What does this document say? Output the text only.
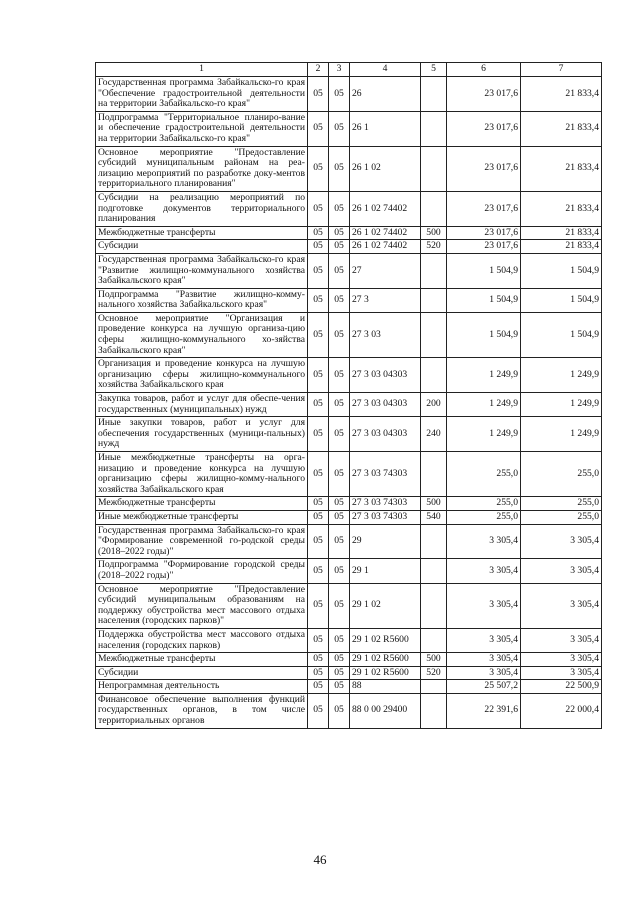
1	2	3	4	5	6	7
Государственная программа Забайкальско-го края "Обеспечение градостроительной деятельности на территории Забайкальско-го края"	05	05	26		23 017,6	21 833,4
Подпрограмма "Территориальное планиро-вание и обеспечение градостроительной деятельности на территории Забайкальско-го края"	05	05	26 1		23 017,6	21 833,4
Основное мероприятие "Предоставление субсидий муниципальным районам на реа-лизацию мероприятий по разработке доку-ментов территориального планирования"	05	05	26 1 02		23 017,6	21 833,4
Субсидии на реализацию мероприятий по подготовке документов территориального планирования	05	05	26 1 02 74402		23 017,6	21 833,4
Межбюджетные трансферты	05	05	26 1 02 74402	500	23 017,6	21 833,4
Субсидии	05	05	26 1 02 74402	520	23 017,6	21 833,4
Государственная программа Забайкальско-го края "Развитие жилищно-коммунального хозяйства Забайкальского края"	05	05	27		1 504,9	1 504,9
Подпрограмма "Развитие жилищно-комму-нального хозяйства Забайкальского края"	05	05	27 3		1 504,9	1 504,9
Основное мероприятие "Организация и проведение конкурса на лучшую организа-цию сферы жилищно-коммунального хо-зяйства Забайкальского края"	05	05	27 3 03		1 504,9	1 504,9
Организация и проведение конкурса на лучшую организацию сферы жилищно-коммунального хозяйства Забайкальского края	05	05	27 3 03 04303		1 249,9	1 249,9
Закупка товаров, работ и услуг для обеспе-чения государственных (муниципальных) нужд	05	05	27 3 03 04303	200	1 249,9	1 249,9
Иные закупки товаров, работ и услуг для обеспечения государственных (муници-пальных) нужд	05	05	27 3 03 04303	240	1 249,9	1 249,9
Иные межбюджетные трансферты на орга-низацию и проведение конкурса на лучшую организацию сферы жилищно-комму-нального хозяйства Забайкальского края	05	05	27 3 03 74303		255,0	255,0
Межбюджетные трансферты	05	05	27 3 03 74303	500	255,0	255,0
Иные межбюджетные трансферты	05	05	27 3 03 74303	540	255,0	255,0
Государственная программа Забайкальско-го края "Формирование современной го-родской среды (2018–2022 годы)"	05	05	29		3 305,4	3 305,4
Подпрограмма "Формирование городской среды (2018–2022 годы)"	05	05	29 1		3 305,4	3 305,4
Основное мероприятие "Предоставление субсидий муниципальным образованиям на поддержку обустройства мест массового отдыха населения (городских парков)"	05	05	29 1 02		3 305,4	3 305,4
Поддержка обустройства мест массового отдыха населения (городских парков)	05	05	29 1 02 R5600		3 305,4	3 305,4
Межбюджетные трансферты	05	05	29 1 02 R5600	500	3 305,4	3 305,4
Субсидии	05	05	29 1 02 R5600	520	3 305,4	3 305,4
Непрограммная деятельность	05	05	88		25 507,2	22 500,9
Финансовое обеспечение выполнения функций государственных органов, в том числе территориальных органов	05	05	88 0 00 29400		22 391,6	22 000,4
46
